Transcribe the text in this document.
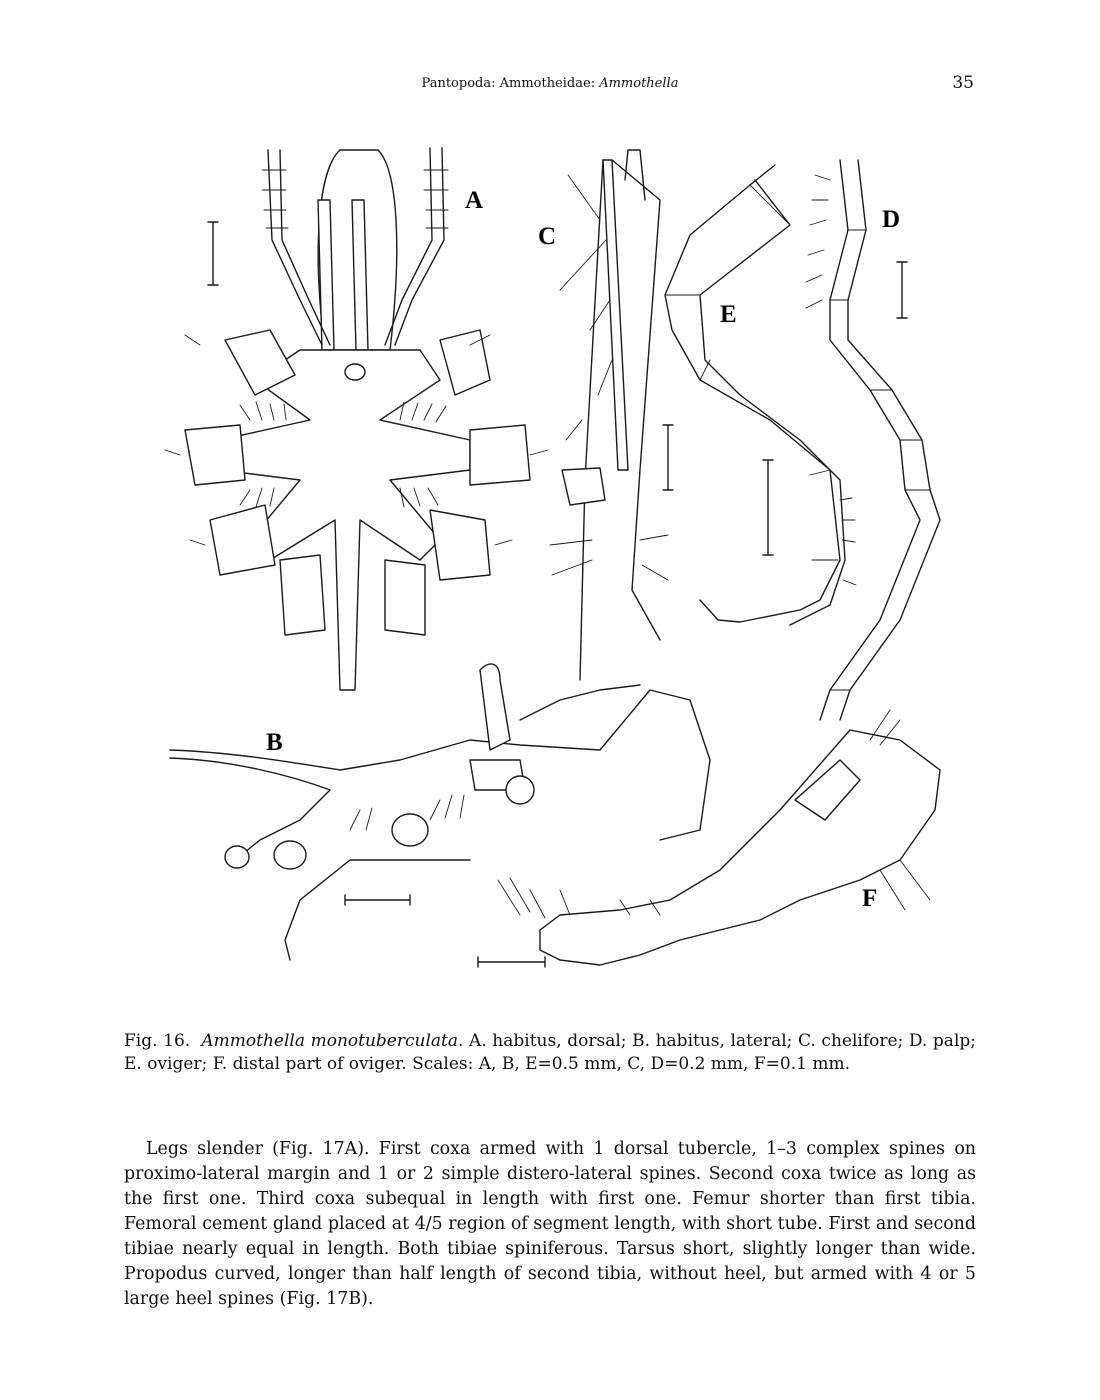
Pantopoda: Ammotheidae: Ammothella	35
A
C
E
D
B
F
Fig. 16. Ammothella monotuberculata. A. habitus, dorsal; B. habitus, lateral; C. chelifore; D. palp; E. oviger; F. distal part of oviger. Scales: A, B, E=0.5 mm, C, D=0.2 mm, F=0.1 mm.
Legs slender (Fig. 17A). First coxa armed with 1 dorsal tubercle, 1–3 complex spines on proximo-lateral margin and 1 or 2 simple distero-lateral spines. Second coxa twice as long as the first one. Third coxa subequal in length with first one. Femur shorter than first tibia. Femoral cement gland placed at 4/5 region of segment length, with short tube. First and second tibiae nearly equal in length. Both tibiae spiniferous. Tarsus short, slightly longer than wide. Propodus curved, longer than half length of second tibia, without heel, but armed with 4 or 5 large heel spines (Fig. 17B).
